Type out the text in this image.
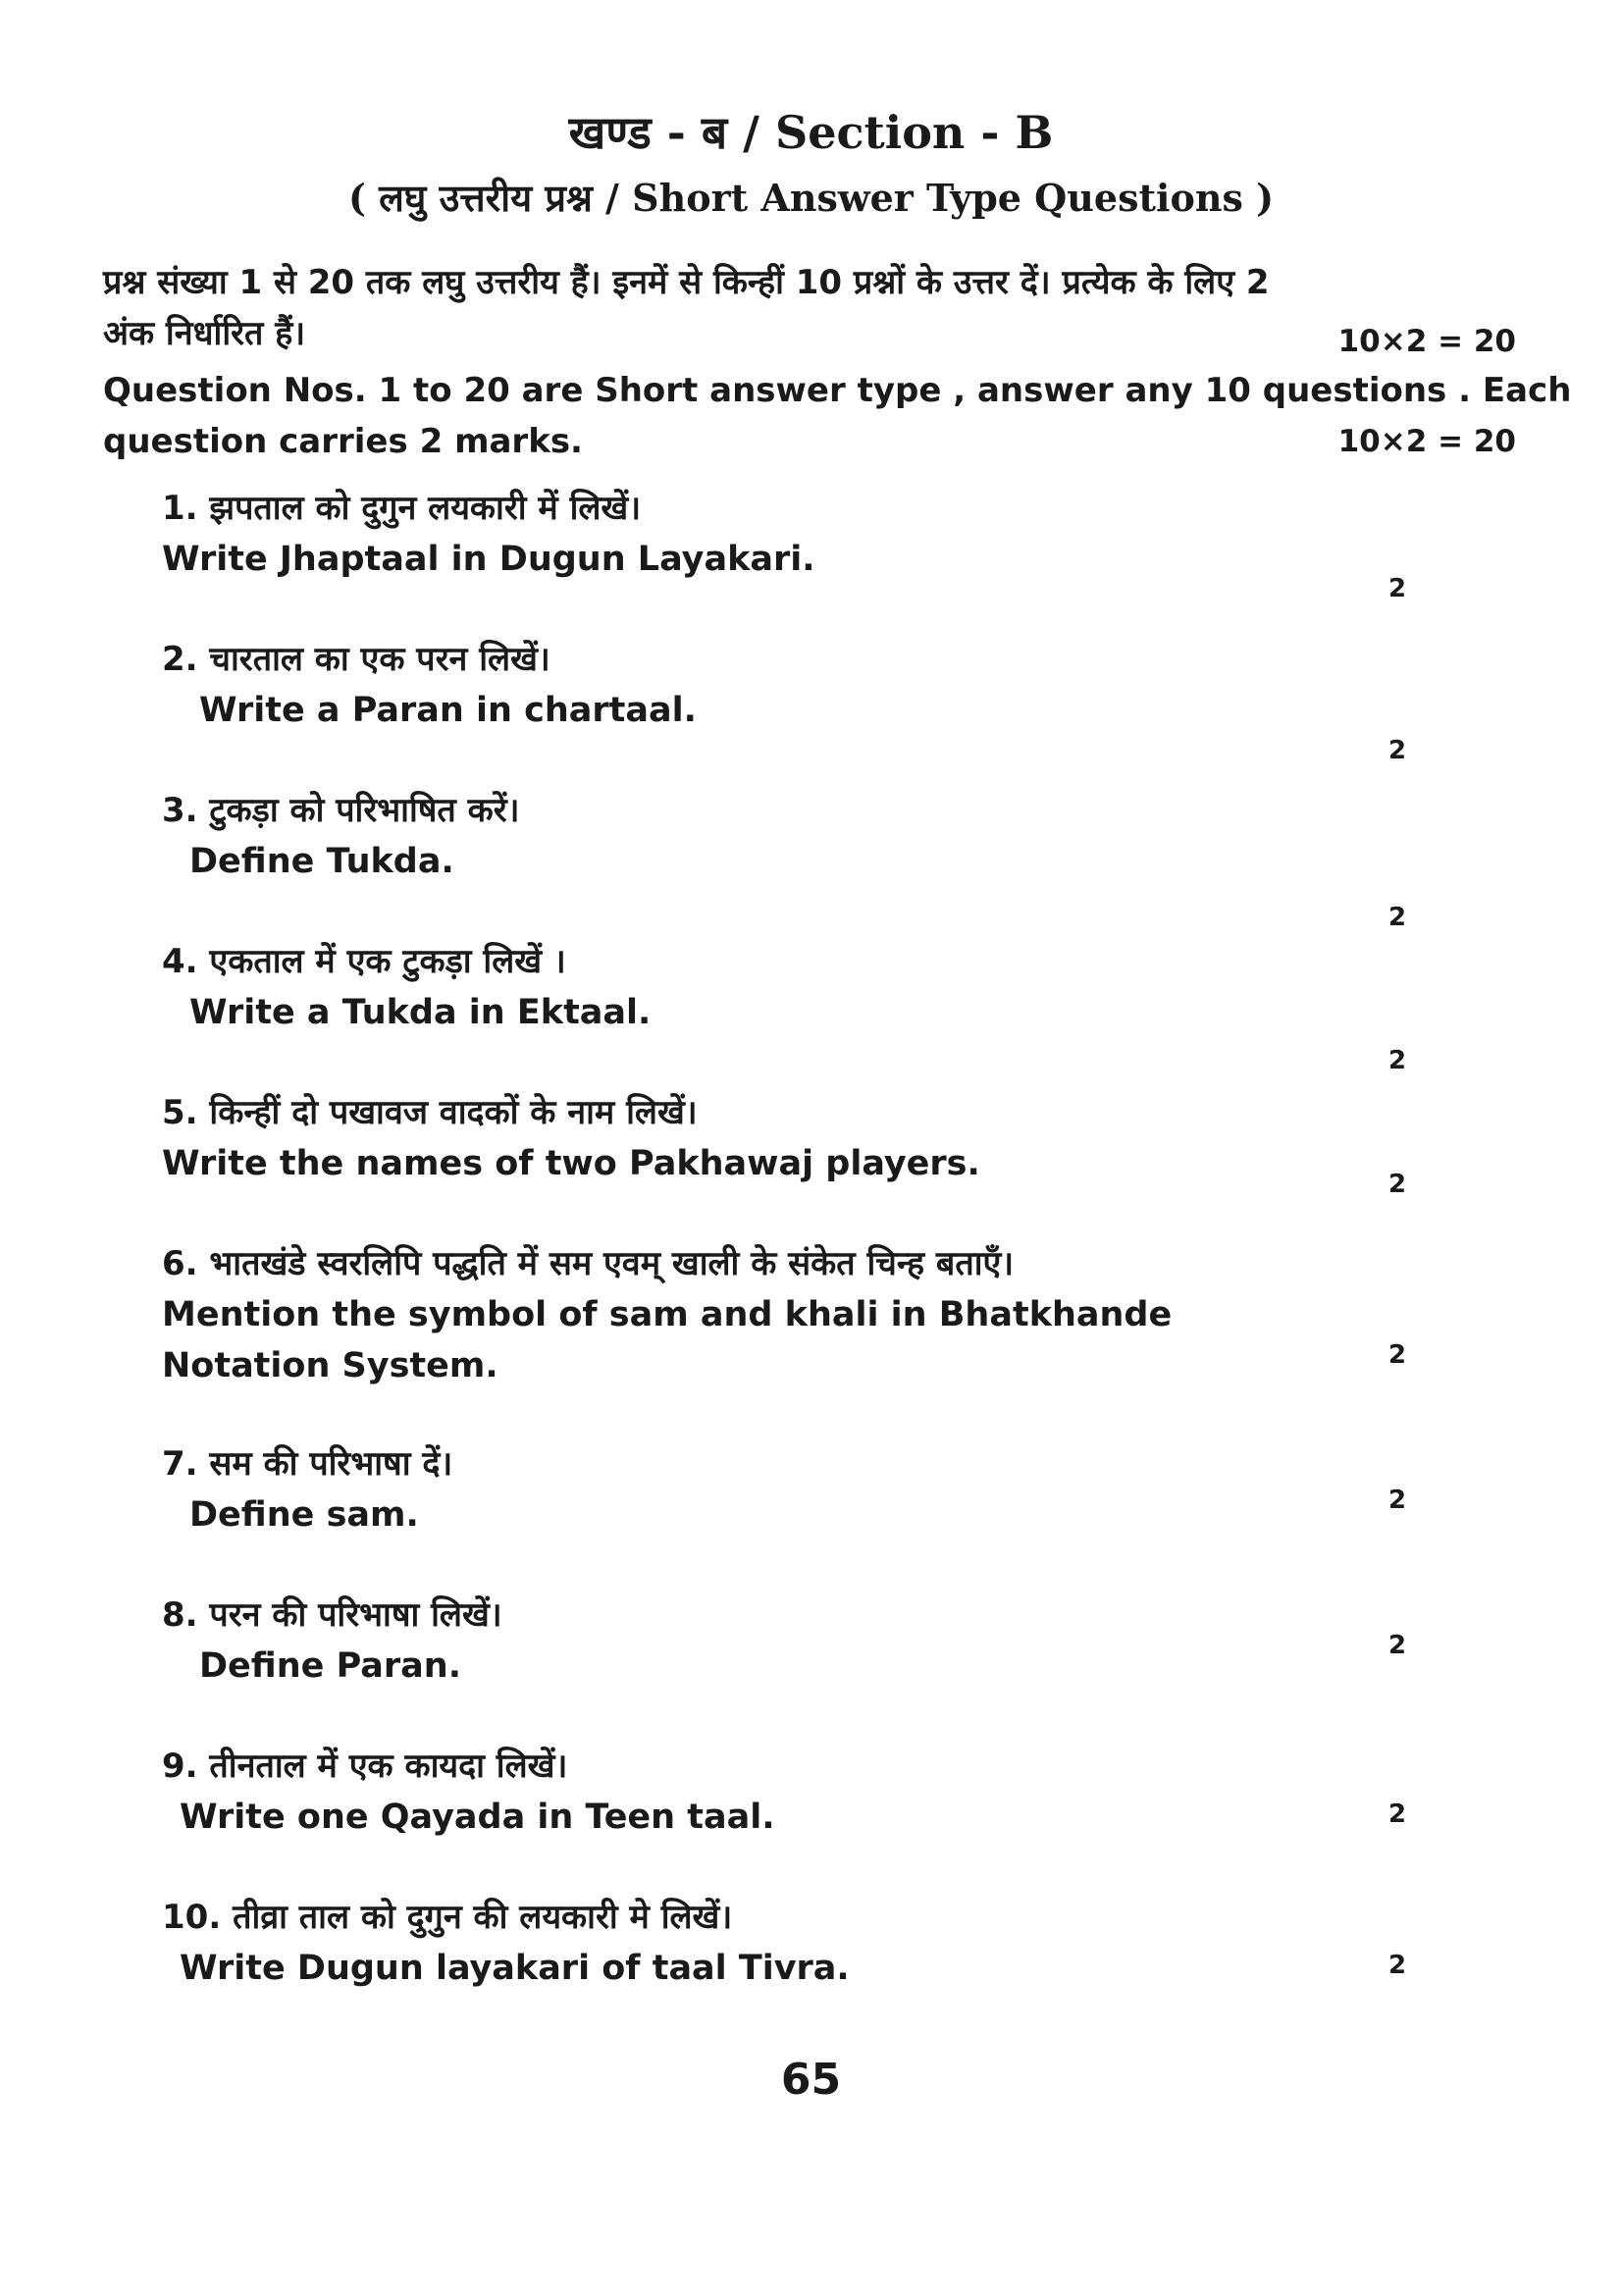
खण्ड - ब / Section - B
( लघु उत्तरीय प्रश्न / Short Answer Type Questions )
प्रश्न संख्या 1 से 20 तक लघु उत्तरीय हैं। इनमें से किन्हीं 10 प्रश्नों के उत्तर दें। प्रत्येक के लिए 2
अंक निर्धारित हैं।	10×2 = 20
Question Nos. 1 to 20 are Short answer type , answer any 10 questions . Each
question carries 2 marks.	10×2 = 20
1. झपताल को दुगुन लयकारी में लिखें।
Write Jhaptaal in Dugun Layakari.
2
2. चारताल का एक परन लिखें।
Write a Paran in chartaal.
2
3. टुकड़ा को परिभाषित करें।
Define Tukda.
2
4. एकताल में एक टुकड़ा लिखें ।
Write a Tukda in Ektaal.
2
5. किन्हीं दो पखावज वादकों के नाम लिखें।
Write the names of two Pakhawaj players.
2
6. भातखंडे स्वरलिपि पद्धति में सम एवम् खाली के संकेत चिन्ह बताएँ।
Mention the symbol of sam and khali in Bhatkhande
Notation System.	2
7. सम की परिभाषा दें।
Define sam.	2
8. परन की परिभाषा लिखें।
Define Paran.
2
9. तीनताल में एक कायदा लिखें।
Write one Qayada in Teen taal.	2
10. तीव्रा ताल को दुगुन की लयकारी मे लिखें।
Write Dugun layakari of taal Tivra.	2

65
